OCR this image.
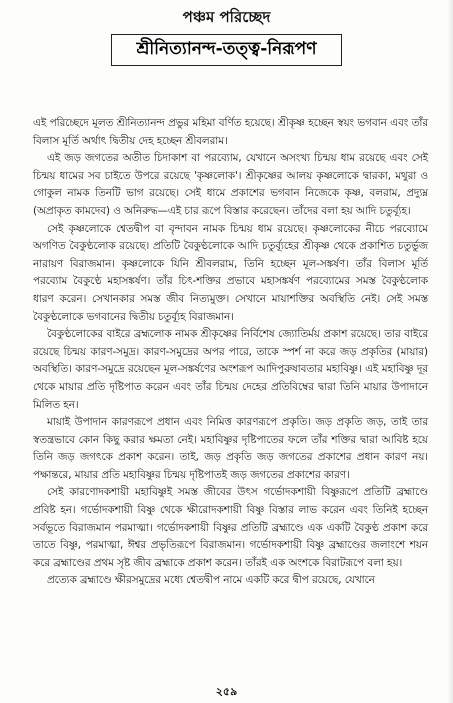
পঞ্চম পরিচ্ছেদ
শ্রীনিত্যানন্দ-তত্ত্ব-নিরূপণ

এই পরিচ্ছেদে মূলত শ্রীনিত্যানন্দ প্রভুর মহিমা বর্ণিত হয়েছে। শ্রীকৃষ্ণ হচ্ছেন স্বয়ং ভগবান এবং তাঁর বিলাস মূর্তি অর্থাৎ দ্বিতীয় দেহ হচ্ছেন শ্রীবলরাম।

এই জড় জগতের অতীত চিদাকাশ বা পরব্যোম, যেখানে অসংখ্য চিন্ময় ধাম রয়েছে এবং সেই চিন্ময় ধামের সব চাইতে উপরে রয়েছে 'কৃষ্ণলোক'। শ্রীকৃষ্ণের আলয় কৃষ্ণলোকে দ্বারকা, মথুরা ও গোকুল নামক তিনটি ভাগ রয়েছে। সেই ধামে প্রকাশের ভগবান নিজেকে কৃষ্ণ, বলরাম, প্রদ্যুম্ন (অপ্রাকৃত কামদেব) ও অনিরুদ্ধ—এই চার রূপে বিস্তার করেছেন। তাঁদের বলা হয় আদি চতুর্ব্যূহ।

সেই কৃষ্ণলোকে শ্বেতদ্বীপ বা বৃন্দাবন নামক চিন্ময় ধাম রয়েছে। কৃষ্ণলোকের নীচে পরব্যোমে অগণিত বৈকুণ্ঠলোক রয়েছে। প্রতিটি বৈকুণ্ঠলোকে আদি চতুর্ব্যূহের শ্রীকৃষ্ণ থেকে প্রকাশিত চতুর্ভুজ নারায়ণ বিরাজমান। কৃষ্ণলোকে যিনি শ্রীবলরাম, তিনি হচ্ছেন মূল-সঙ্কর্ষণ। তাঁর বিলাস মূর্তি পরব্যোম বৈকুণ্ঠে মহাসঙ্কর্ষণ। তাঁর চিৎ-শক্তির প্রভাবে মহাসঙ্কর্ষণ পরব্যোমের সমস্ত বৈকুণ্ঠলোক ধারণ করেন। সেখানকার সমস্ত জীব নিত্যমুক্ত। সেখানে মায়াশক্তির অবস্থিতি নেই। সেই সমস্ত বৈকুণ্ঠলোকে ভগবানের দ্বিতীয় চতুর্ব্যূহ বিরাজমান।

বৈকুণ্ঠলোকের বাইরে ব্রহ্মলোক নামক শ্রীকৃষ্ণের নির্বিশেষ জ্যোতির্ময় প্রকাশ রয়েছে। তার বাইরে রয়েছে চিন্ময় কারণ-সমুদ্র। কারণ-সমুদ্রের অপর পারে, তাকে স্পর্শ না করে জড় প্রকৃতির (মায়ার) অবস্থিতি। কারণ-সমুদ্রে রয়েছেন মূল-সঙ্কর্ষণের অংশরূপ আদিপুরুষাবতার মহাবিষ্ণু। এই মহাবিষ্ণু দূর থেকে মায়ার প্রতি দৃষ্টিপাত করেন এবং তাঁর চিন্ময় দেহের প্রতিবিম্বের দ্বারা তিনি মায়ার উপাদানে মিলিত হন।

মায়াই উপাদান কারণরূপে প্রধান এবং নিমিত্ত কারণরূপে প্রকৃতি। জড় প্রকৃতি জড়, তাই তার স্বতন্ত্রভাবে কোন কিছু করার ক্ষমতা নেই। মহাবিষ্ণুর দৃষ্টিপাতের ফলে তাঁর শক্তির দ্বারা আবিষ্ট হয়ে তিনি জড় জগৎকে প্রকাশ করেন। তাই, জড় প্রকৃতি জড় জগতের প্রকাশের প্রধান কারণ নয়। পক্ষান্তরে, মায়ার প্রতি মহাবিষ্ণুর চিন্ময় দৃষ্টিপাতই জড় জগতের প্রকাশের কারণ।

সেই কারণোদকশায়ী মহাবিষ্ণুই সমস্ত জীবের উৎস গর্ভোদকশায়ী বিষ্ণুরূপে প্রতিটি ব্রহ্মাণ্ডে প্রবিষ্ট হন। গর্ভোদকশায়ী বিষ্ণু থেকে ক্ষীরোদকশায়ী বিষ্ণু বিস্তার লাভ করেন এবং তিনিই হচ্ছেন সর্বভূতে বিরাজমান পরমাত্মা। গর্ভোদকশায়ী বিষ্ণুর প্রতিটি ব্রহ্মাণ্ডে এক একটি বৈকুণ্ঠ প্রকাশ করে তাতে বিষ্ণু, পরমাত্মা, ঈশ্বর প্রভৃতিরূপে বিরাজমান। গর্ভোদকশায়ী বিষ্ণু ব্রহ্মাণ্ডের জলাংশে শয়ন করে ব্রহ্মাণ্ডের প্রথম সৃষ্ট জীব ব্রহ্মাকে প্রকাশ করেন। তাঁরই এক অংশকে বিরাটরূপে বলা হয়।

প্রত্যেক ব্রহ্মাণ্ডে ক্ষীরসমুদ্রের মধ্যে শ্বেতদ্বীপ নামে একটি করে দ্বীপ রয়েছে, যেখানে

২৫৯
